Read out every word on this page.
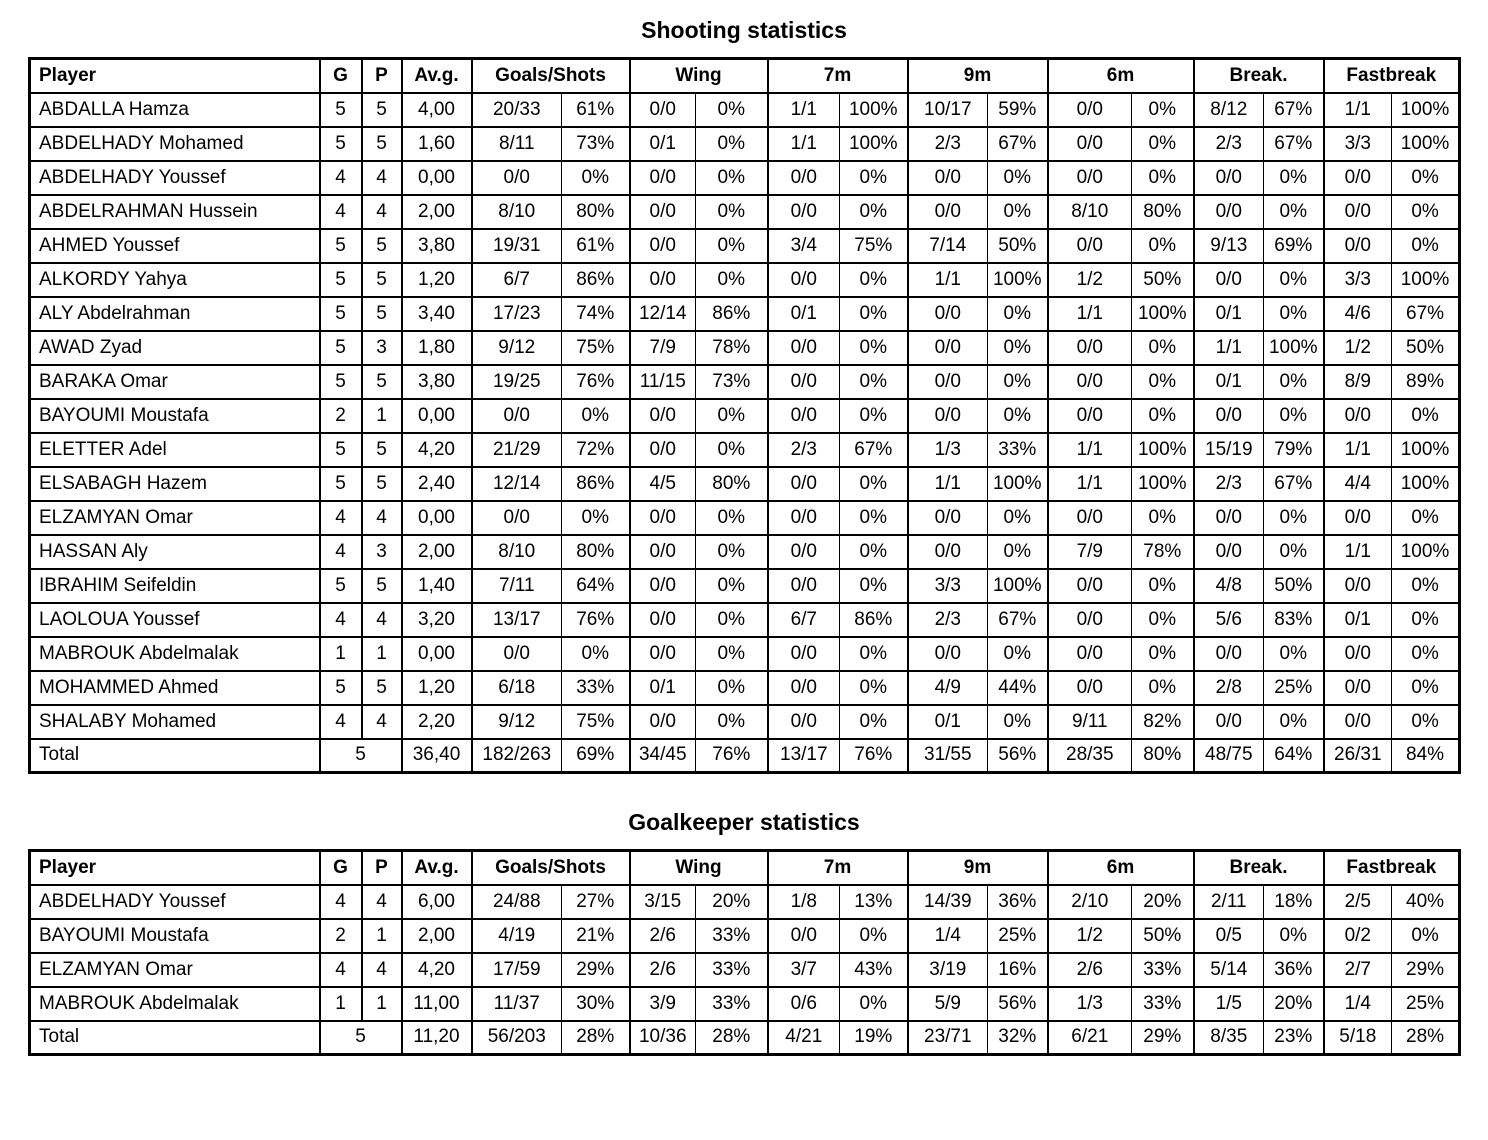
Shooting statistics
Player	G	P	Av.g.	Goals/Shots		Wing		7m		9m		6m		Break.		Fastbreak	
ABDALLA Hamza	5	5	4,00	20/33	61%	0/0	0%	1/1	100%	10/17	59%	0/0	0%	8/12	67%	1/1	100%
ABDELHADY Mohamed	5	5	1,60	8/11	73%	0/1	0%	1/1	100%	2/3	67%	0/0	0%	2/3	67%	3/3	100%
ABDELHADY Youssef	4	4	0,00	0/0	0%	0/0	0%	0/0	0%	0/0	0%	0/0	0%	0/0	0%	0/0	0%
ABDELRAHMAN Hussein	4	4	2,00	8/10	80%	0/0	0%	0/0	0%	0/0	0%	8/10	80%	0/0	0%	0/0	0%
AHMED Youssef	5	5	3,80	19/31	61%	0/0	0%	3/4	75%	7/14	50%	0/0	0%	9/13	69%	0/0	0%
ALKORDY Yahya	5	5	1,20	6/7	86%	0/0	0%	0/0	0%	1/1	100%	1/2	50%	0/0	0%	3/3	100%
ALY Abdelrahman	5	5	3,40	17/23	74%	12/14	86%	0/1	0%	0/0	0%	1/1	100%	0/1	0%	4/6	67%
AWAD Zyad	5	3	1,80	9/12	75%	7/9	78%	0/0	0%	0/0	0%	0/0	0%	1/1	100%	1/2	50%
BARAKA Omar	5	5	3,80	19/25	76%	11/15	73%	0/0	0%	0/0	0%	0/0	0%	0/1	0%	8/9	89%
BAYOUMI Moustafa	2	1	0,00	0/0	0%	0/0	0%	0/0	0%	0/0	0%	0/0	0%	0/0	0%	0/0	0%
ELETTER Adel	5	5	4,20	21/29	72%	0/0	0%	2/3	67%	1/3	33%	1/1	100%	15/19	79%	1/1	100%
ELSABAGH Hazem	5	5	2,40	12/14	86%	4/5	80%	0/0	0%	1/1	100%	1/1	100%	2/3	67%	4/4	100%
ELZAMYAN Omar	4	4	0,00	0/0	0%	0/0	0%	0/0	0%	0/0	0%	0/0	0%	0/0	0%	0/0	0%
HASSAN Aly	4	3	2,00	8/10	80%	0/0	0%	0/0	0%	0/0	0%	7/9	78%	0/0	0%	1/1	100%
IBRAHIM Seifeldin	5	5	1,40	7/11	64%	0/0	0%	0/0	0%	3/3	100%	0/0	0%	4/8	50%	0/0	0%
LAOLOUA Youssef	4	4	3,20	13/17	76%	0/0	0%	6/7	86%	2/3	67%	0/0	0%	5/6	83%	0/1	0%
MABROUK Abdelmalak	1	1	0,00	0/0	0%	0/0	0%	0/0	0%	0/0	0%	0/0	0%	0/0	0%	0/0	0%
MOHAMMED Ahmed	5	5	1,20	6/18	33%	0/1	0%	0/0	0%	4/9	44%	0/0	0%	2/8	25%	0/0	0%
SHALABY Mohamed	4	4	2,20	9/12	75%	0/0	0%	0/0	0%	0/1	0%	9/11	82%	0/0	0%	0/0	0%
Total	5		36,40	182/263	69%	34/45	76%	13/17	76%	31/55	56%	28/35	80%	48/75	64%	26/31	84%
Goalkeeper statistics
Player	G	P	Av.g.	Goals/Shots		Wing		7m		9m		6m		Break.		Fastbreak	
ABDELHADY Youssef	4	4	6,00	24/88	27%	3/15	20%	1/8	13%	14/39	36%	2/10	20%	2/11	18%	2/5	40%
BAYOUMI Moustafa	2	1	2,00	4/19	21%	2/6	33%	0/0	0%	1/4	25%	1/2	50%	0/5	0%	0/2	0%
ELZAMYAN Omar	4	4	4,20	17/59	29%	2/6	33%	3/7	43%	3/19	16%	2/6	33%	5/14	36%	2/7	29%
MABROUK Abdelmalak	1	1	11,00	11/37	30%	3/9	33%	0/6	0%	5/9	56%	1/3	33%	1/5	20%	1/4	25%
Total	5		11,20	56/203	28%	10/36	28%	4/21	19%	23/71	32%	6/21	29%	8/35	23%	5/18	28%
